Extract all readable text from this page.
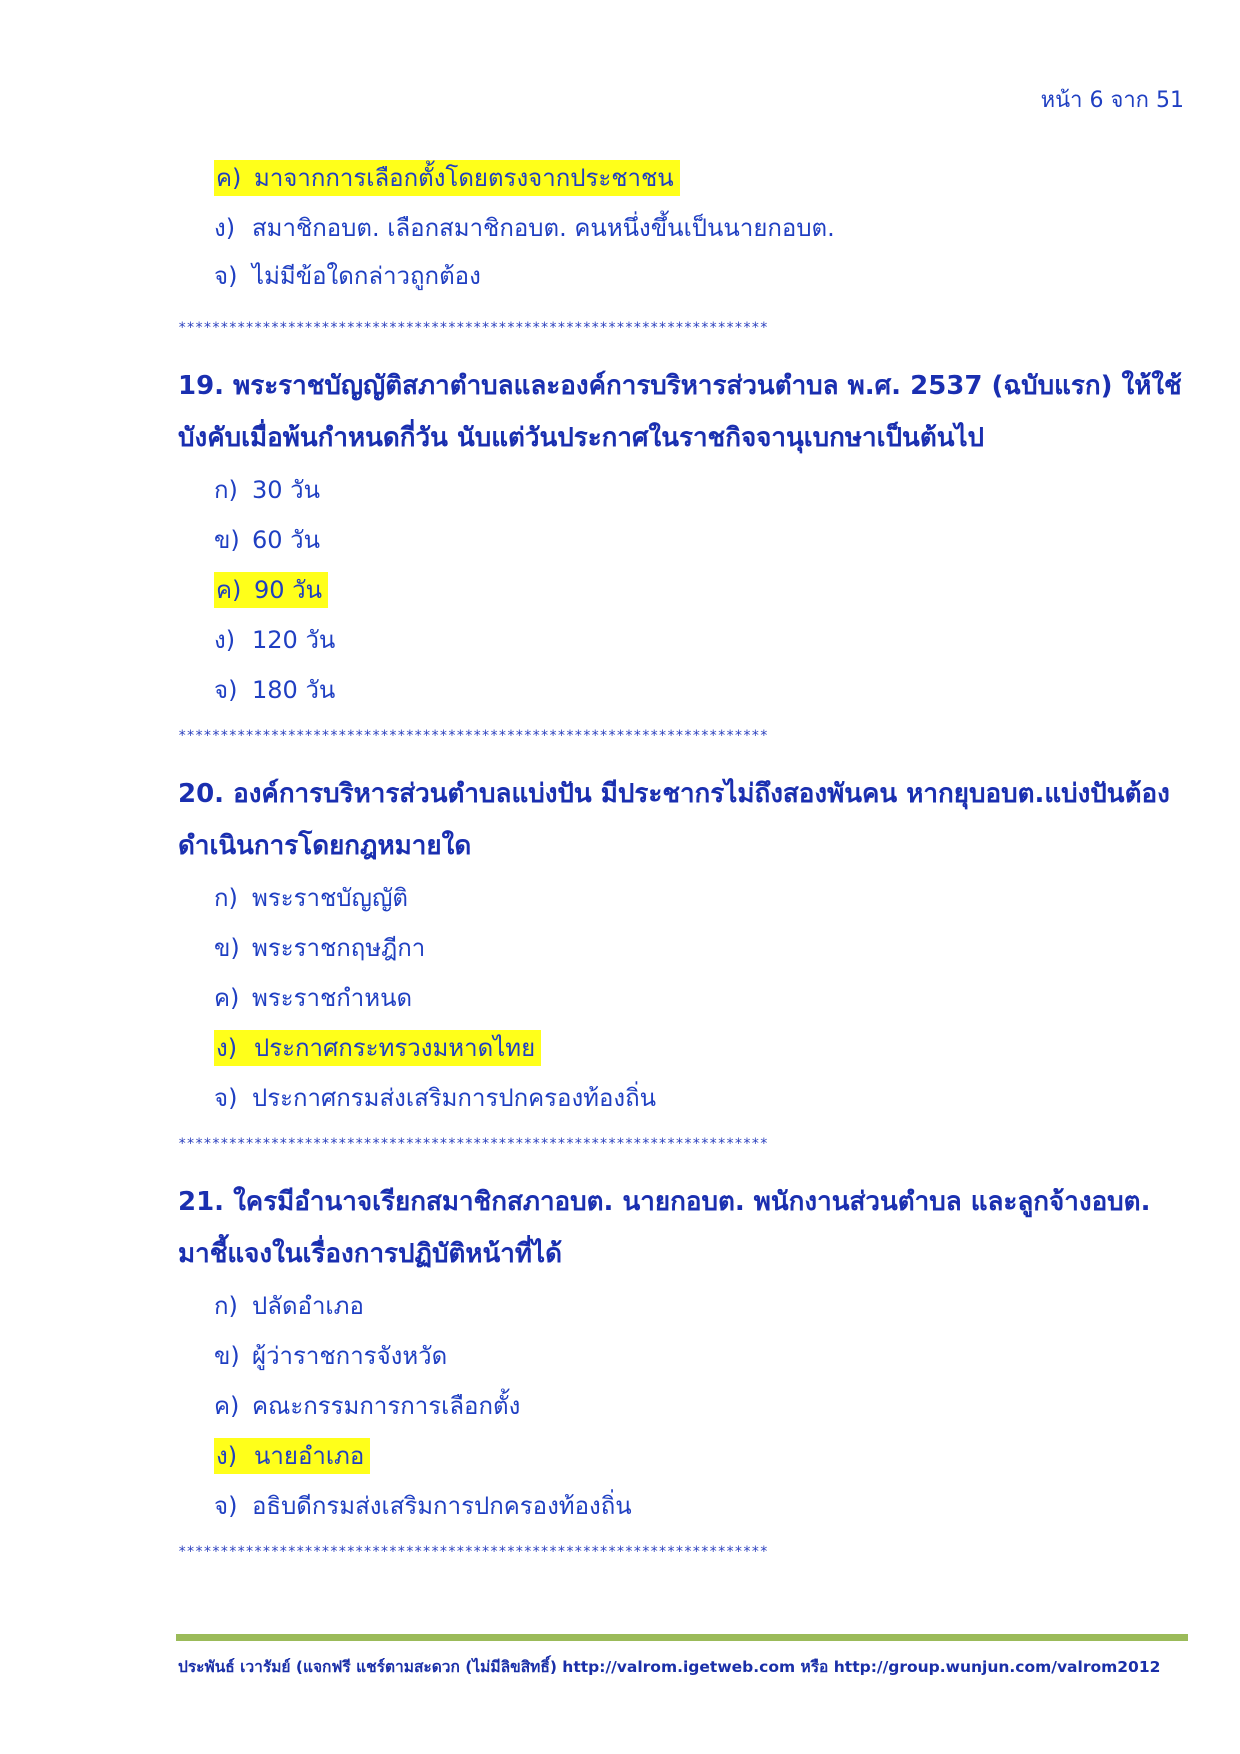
หน้า 6 จาก 51
ค) มาจากการเลือกตั้งโดยตรงจากประชาชน
ง) สมาชิกอบต. เลือกสมาชิกอบต. คนหนึ่งขึ้นเป็นนายกอบต.
จ) ไม่มีข้อใดกล่าวถูกต้อง
**********************************************************************
19. พระราชบัญญัติสภาตำบลและองค์การบริหารส่วนตำบล พ.ศ. 2537 (ฉบับแรก) ให้ใช้บังคับเมื่อพ้นกำหนดกี่วัน นับแต่วันประกาศในราชกิจจานุเบกษาเป็นต้นไป
ก) 30 วัน
ข) 60 วัน
ค) 90 วัน
ง) 120 วัน
จ) 180 วัน
**********************************************************************
20. องค์การบริหารส่วนตำบลแบ่งปัน มีประชากรไม่ถึงสองพันคน หากยุบอบต.แบ่งปันต้องดำเนินการโดยกฎหมายใด
ก) พระราชบัญญัติ
ข) พระราชกฤษฎีกา
ค) พระราชกำหนด
ง) ประกาศกระทรวงมหาดไทย
จ) ประกาศกรมส่งเสริมการปกครองท้องถิ่น
**********************************************************************
21. ใครมีอำนาจเรียกสมาชิกสภาอบต. นายกอบต. พนักงานส่วนตำบล และลูกจ้างอบต. มาชี้แจงในเรื่องการปฏิบัติหน้าที่ได้
ก) ปลัดอำเภอ
ข) ผู้ว่าราชการจังหวัด
ค) คณะกรรมการการเลือกตั้ง
ง) นายอำเภอ
จ) อธิบดีกรมส่งเสริมการปกครองท้องถิ่น
**********************************************************************
ประพันธ์ เวารัมย์ (แจกฟรี แชร์ตามสะดวก (ไม่มีลิขสิทธิ์) http://valrom.igetweb.com หรือ http://group.wunjun.com/valrom2012
